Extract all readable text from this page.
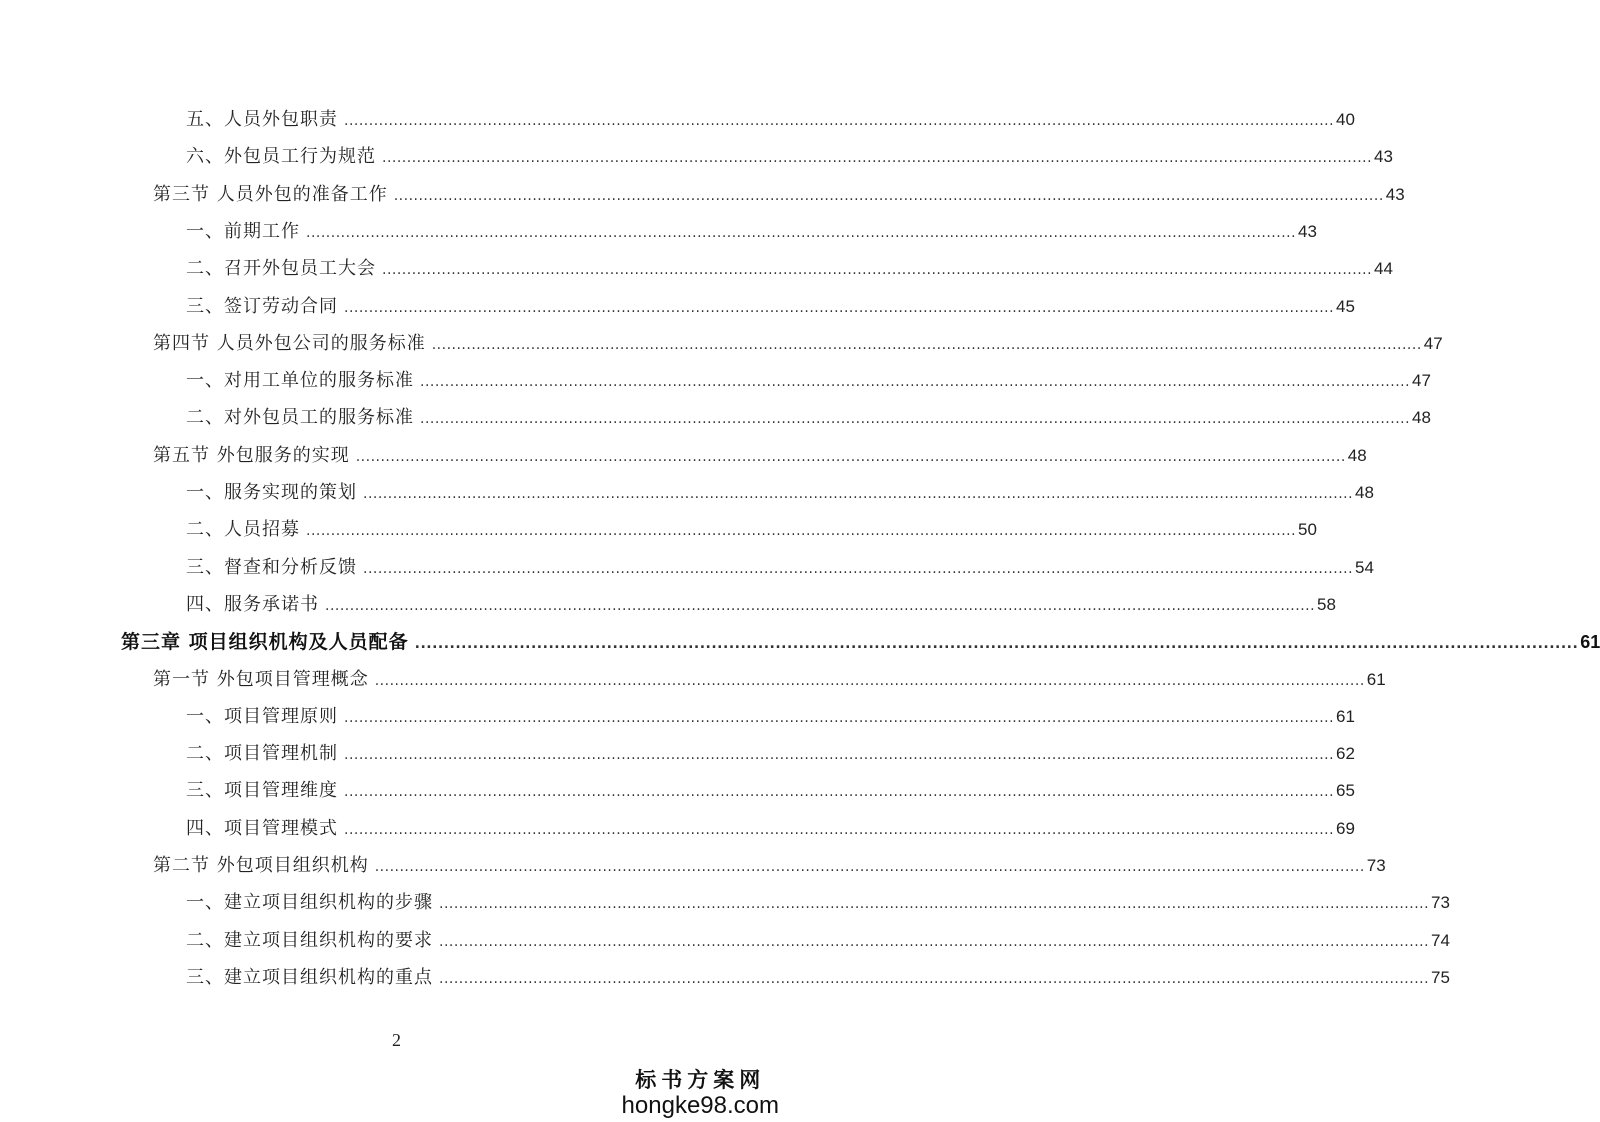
五、人员外包职责 ........................................................................................................................................................................................................ 40
六、外包员工行为规范 ........................................................................................................................................................................................................ 43
第三节 人员外包的准备工作 ........................................................................................................................................................................................................ 43
一、前期工作 ........................................................................................................................................................................................................ 43
二、召开外包员工大会 ........................................................................................................................................................................................................ 44
三、签订劳动合同 ........................................................................................................................................................................................................ 45
第四节 人员外包公司的服务标准 ........................................................................................................................................................................................................ 47
一、对用工单位的服务标准 ........................................................................................................................................................................................................ 47
二、对外包员工的服务标准 ........................................................................................................................................................................................................ 48
第五节 外包服务的实现 ........................................................................................................................................................................................................ 48
一、服务实现的策划 ........................................................................................................................................................................................................ 48
二、人员招募 ........................................................................................................................................................................................................ 50
三、督查和分析反馈 ........................................................................................................................................................................................................ 54
四、服务承诺书 ........................................................................................................................................................................................................ 58
第三章 项目组织机构及人员配备 ........................................................................................................................................................................................................ 61
第一节 外包项目管理概念 ........................................................................................................................................................................................................ 61
一、项目管理原则 ........................................................................................................................................................................................................ 61
二、项目管理机制 ........................................................................................................................................................................................................ 62
三、项目管理维度 ........................................................................................................................................................................................................ 65
四、项目管理模式 ........................................................................................................................................................................................................ 69
第二节 外包项目组织机构 ........................................................................................................................................................................................................ 73
一、建立项目组织机构的步骤 ........................................................................................................................................................................................................ 73
二、建立项目组织机构的要求 ........................................................................................................................................................................................................ 74
三、建立项目组织机构的重点 ........................................................................................................................................................................................................ 75
2
标书方案网
hongke98.com
